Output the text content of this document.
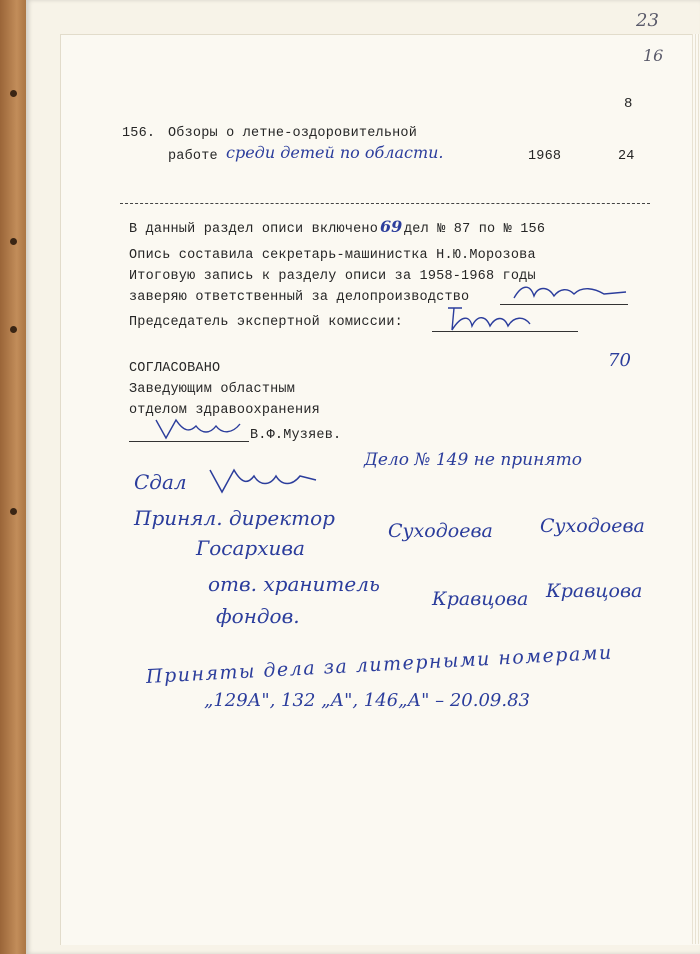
23
16
8
156. Обзоры о летне-оздоровительной
работе среди детей по области.	1968	24
В данный раздел описи включено 69 дел № 87 по № 156
Опись составила секретарь-машинистка Н.Ю.Морозова
Итоговую запись к разделу описи за 1958-1968 годы
заверяю ответственный за делопроизводство
Председатель экспертной комиссии:
СОГЛАСОВАНО	70
Заведующим областным
отделом здравоохранения
В.Ф.Музяев.
Дело № 149 не принято
Сдал
Принял. директор
Госархива
Суходоева Суходоева
отв. хранитель
фондов.
Кравцова Кравцова
Приняты дела за литерными номерами
„129А", 132 „А", 146„А" – 20.09.83
